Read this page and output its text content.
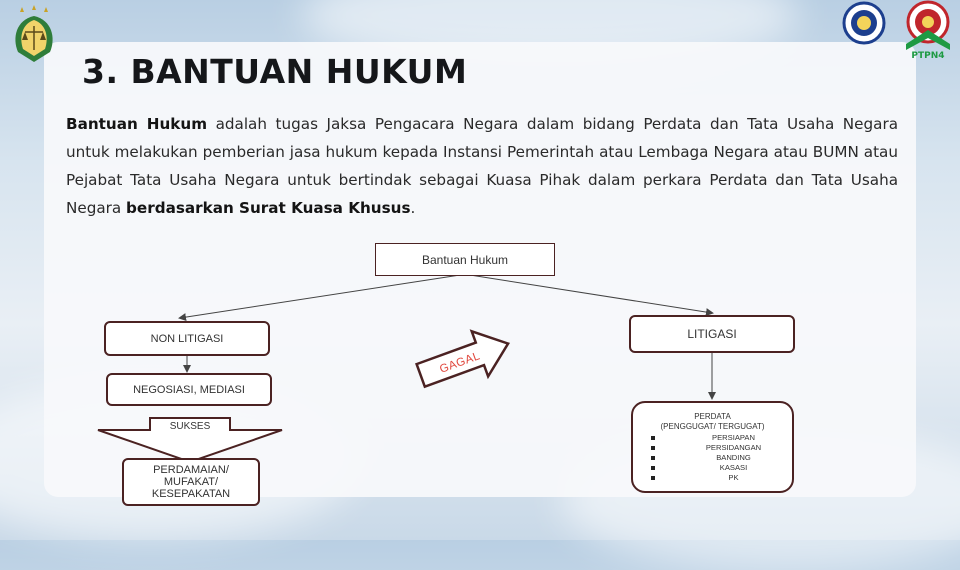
PTPN4
3. BANTUAN HUKUM

Bantuan Hukum adalah tugas Jaksa Pengacara Negara dalam bidang Perdata dan Tata Usaha Negara untuk melakukan pemberian jasa hukum kepada Instansi Pemerintah atau Lembaga Negara atau BUMN atau Pejabat Tata Usaha Negara untuk bertindak sebagai Kuasa Pihak dalam perkara Perdata dan Tata Usaha Negara berdasarkan Surat Kuasa Khusus.

Bantuan Hukum
NON LITIGASI
NEGOSIASI, MEDIASI
SUKSES
PERDAMAIAN/ MUFAKAT/ KESEPAKATAN
GAGAL
LITIGASI
PERDATA
(PENGGUGAT/ TERGUGAT)
PERSIAPAN
PERSIDANGAN
BANDING
KASASI
PK
